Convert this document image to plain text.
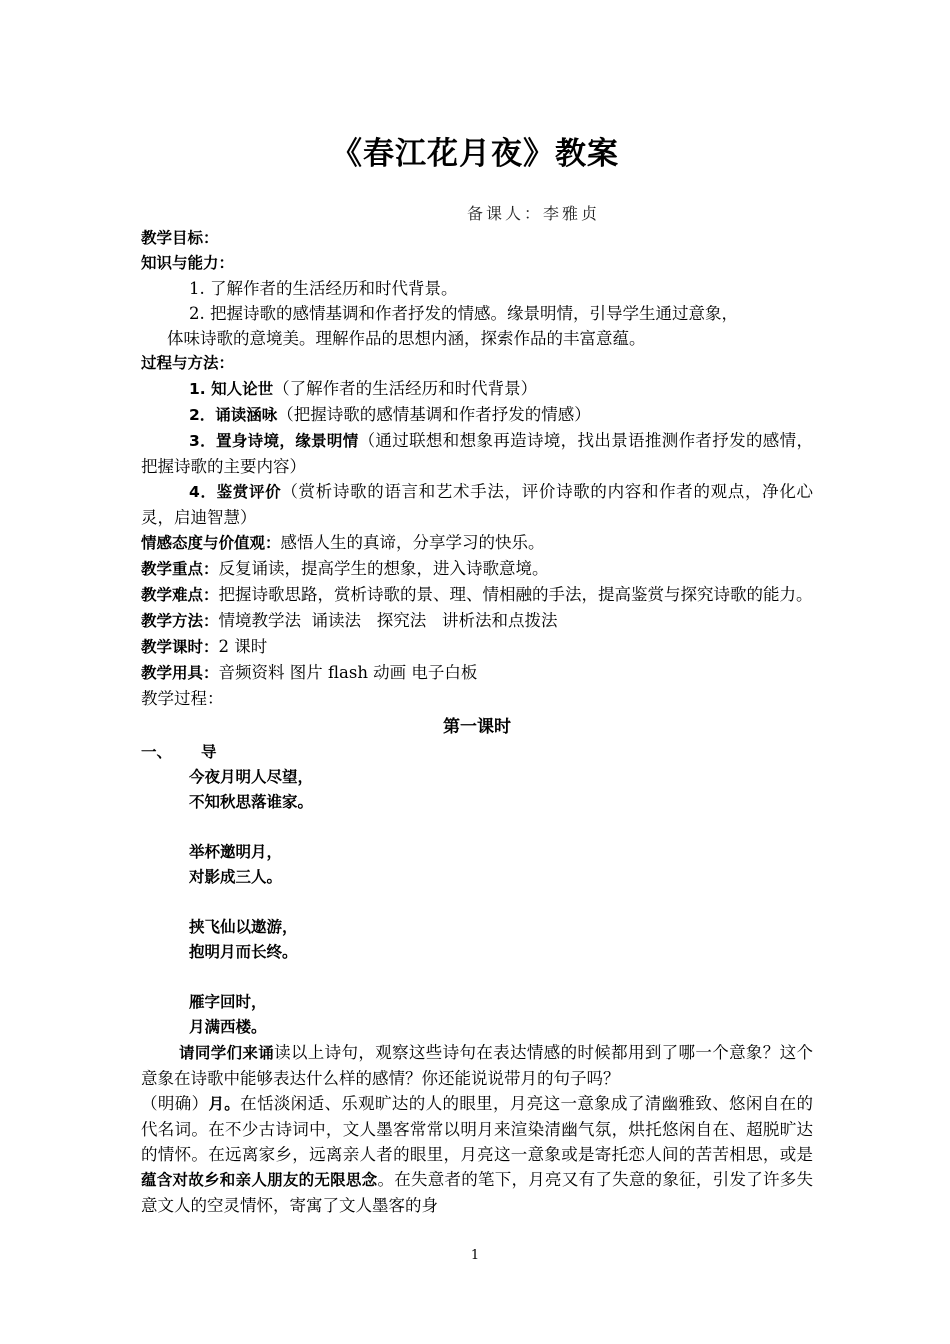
《春江花月夜》教案
备课人：李雅贞

教学目标：

知识与能力：

1. 了解作者的生活经历和时代背景。

2. 把握诗歌的感情基调和作者抒发的情感。缘景明情，引导学生通过意象，

体味诗歌的意境美。理解作品的思想内涵，探索作品的丰富意蕴。

过程与方法：

1. 知人论世（了解作者的生活经历和时代背景）

2．诵读涵咏（把握诗歌的感情基调和作者抒发的情感）

3．置身诗境，缘景明情（通过联想和想象再造诗境，找出景语推测作者抒发的感情，把握诗歌的主要内容）

4．鉴赏评价（赏析诗歌的语言和艺术手法，评价诗歌的内容和作者的观点，净化心灵，启迪智慧）

情感态度与价值观：感悟人生的真谛，分享学习的快乐。

教学重点：反复诵读，提高学生的想象，进入诗歌意境。

教学难点：把握诗歌思路，赏析诗歌的景、理、情相融的手法，提高鉴赏与探究诗歌的能力。

教学方法：情境教学法  诵读法   探究法   讲析法和点拨法

教学课时：2 课时

教学用具：音频资料 图片 flash 动画 电子白板

教学过程：

第一课时

一、 导

今夜月明人尽望，

不知秋思落谁家。

举杯邀明月，

对影成三人。

挟飞仙以遨游，

抱明月而长终。

雁字回时，

月满西楼。

请同学们来诵读以上诗句，观察这些诗句在表达情感的时候都用到了哪一个意象？这个意象在诗歌中能够表达什么样的感情？你还能说说带月的句子吗？

（明确）月。在恬淡闲适、乐观旷达的人的眼里，月亮这一意象成了清幽雅致、悠闲自在的代名词。在不少古诗词中，文人墨客常常以明月来渲染清幽气氛，烘托悠闲自在、超脱旷达的情怀。在远离家乡，远离亲人者的眼里，月亮这一意象或是寄托恋人间的苦苦相思，或是蕴含对故乡和亲人朋友的无限思念。在失意者的笔下，月亮又有了失意的象征，引发了许多失意文人的空灵情怀，寄寓了文人墨客的身

1
